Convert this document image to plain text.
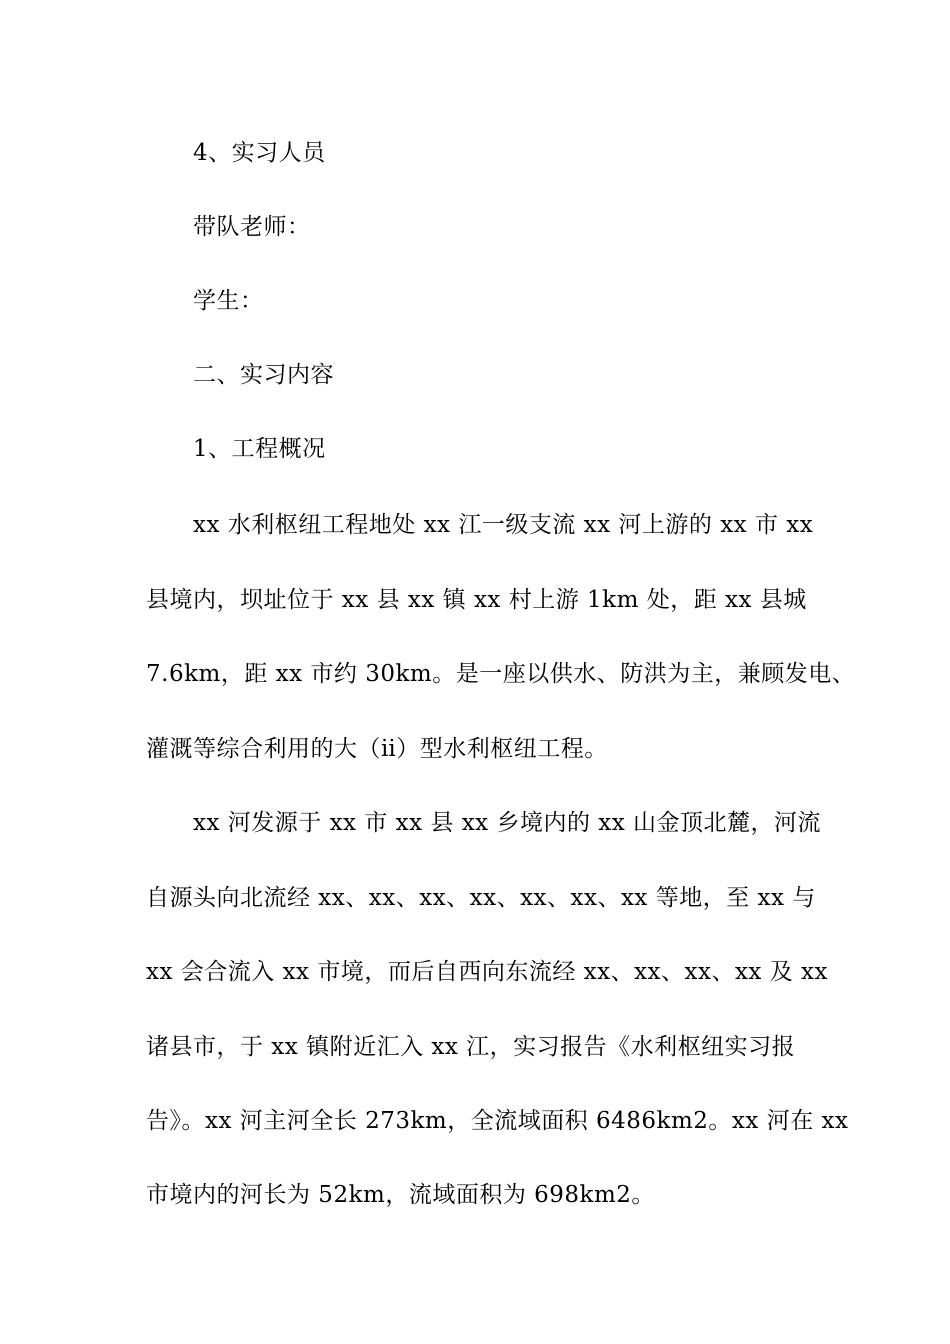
4、实习人员
带队老师：
学生：
二、实习内容
1、工程概况
xx 水利枢纽工程地处 xx 江一级支流 xx 河上游的 xx 市 xx
县境内，坝址位于 xx 县 xx 镇 xx 村上游 1km 处，距 xx 县城
7.6km，距 xx 市约 30km。是一座以供水、防洪为主，兼顾发电、
灌溉等综合利用的大（ⅱ）型水利枢纽工程。
xx 河发源于 xx 市 xx 县 xx 乡境内的 xx 山金顶北麓，河流
自源头向北流经 xx、xx、xx、xx、xx、xx、xx 等地，至 xx 与
xx 会合流入 xx 市境，而后自西向东流经 xx、xx、xx、xx 及 xx
诸县市，于 xx 镇附近汇入 xx 江，实习报告《水利枢纽实习报
告》。xx 河主河全长 273km，全流域面积 6486km2。xx 河在 xx
市境内的河长为 52km，流域面积为 698km2。
